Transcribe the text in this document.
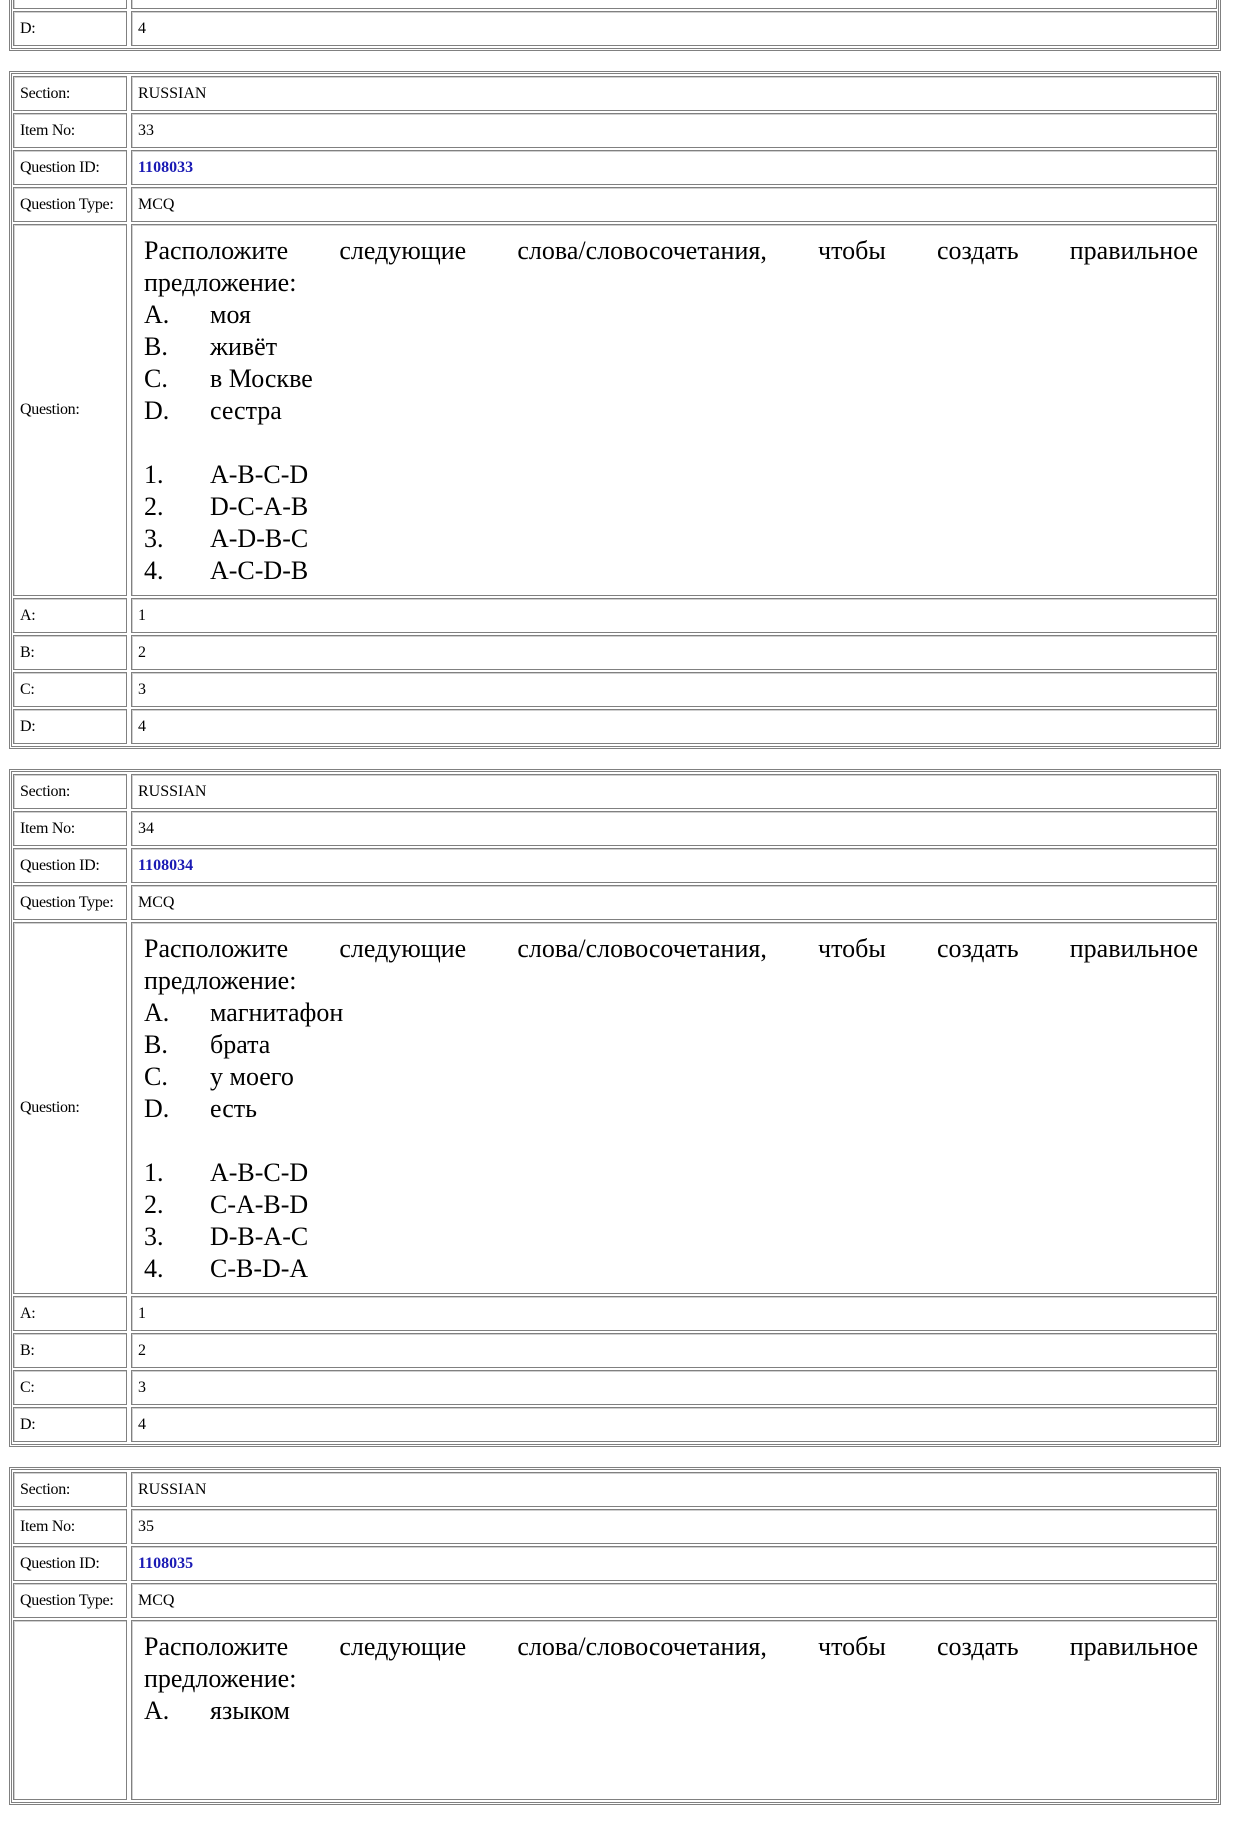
D:	4
Section:	RUSSIAN
Item No:	33
Question ID:	1108033
Question Type:	MCQ
Question:
Расположите следующие слова/словосочетания, чтобы создать правильное
предложение:
A.	моя
B.	живёт
C.	в Москве
D.	сестра
1.	A-B-C-D
2.	D-C-A-B
3.	A-D-B-C
4.	A-C-D-B
A:	1
B:	2
C:	3
D:	4
Section:	RUSSIAN
Item No:	34
Question ID:	1108034
Question Type:	MCQ
Question:
Расположите следующие слова/словосочетания, чтобы создать правильное
предложение:
A.	магнитафон
B.	брата
C.	у моего
D.	есть
1.	A-B-C-D
2.	C-A-B-D
3.	D-B-A-C
4.	C-B-D-A
A:	1
B:	2
C:	3
D:	4
Section:	RUSSIAN
Item No:	35
Question ID:	1108035
Question Type:	MCQ
Расположите следующие слова/словосочетания, чтобы создать правильное
предложение:
A.	языком
